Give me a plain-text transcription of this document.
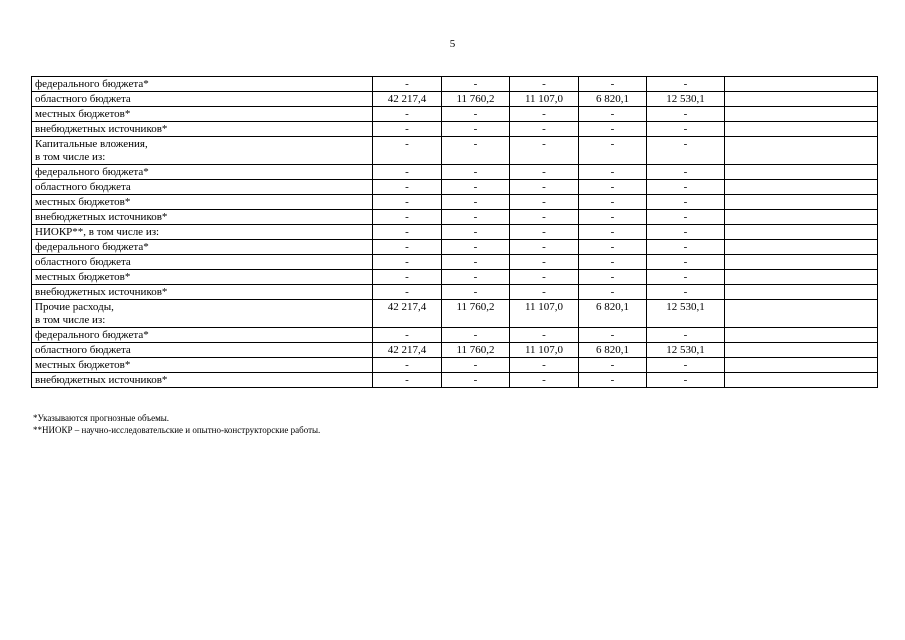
5
федерального бюджета*	-	-	-	-	-	

областного бюджета	42 217,4	11 760,2	11 107,0	6 820,1	12 530,1	

местных бюджетов*	-	-	-	-	-	

внебюджетных источников*	-	-	-	-	-	

Капитальные вложения,
в том числе из:	-	-	-	-	-	

федерального бюджета*	-	-	-	-	-	

областного бюджета	-	-	-	-	-	

местных бюджетов*	-	-	-	-	-	

внебюджетных источников*	-	-	-	-	-	

НИОКР**, в том числе из:	-	-	-	-	-	

федерального бюджета*	-	-	-	-	-	

областного бюджета	-	-	-	-	-	

местных бюджетов*	-	-	-	-	-	

внебюджетных источников*	-	-	-	-	-	

Прочие расходы,
в том числе из:	42 217,4	11 760,2	11 107,0	6 820,1	12 530,1	

федерального бюджета*	-	-	-	-	-	

областного бюджета	42 217,4	11 760,2	11 107,0	6 820,1	12 530,1	

местных бюджетов*	-	-	-	-	-	

внебюджетных источников*	-	-	-	-	-	
*Указываются прогнозные объемы.
**НИОКР – научно-исследовательские и опытно-конструкторские работы.
